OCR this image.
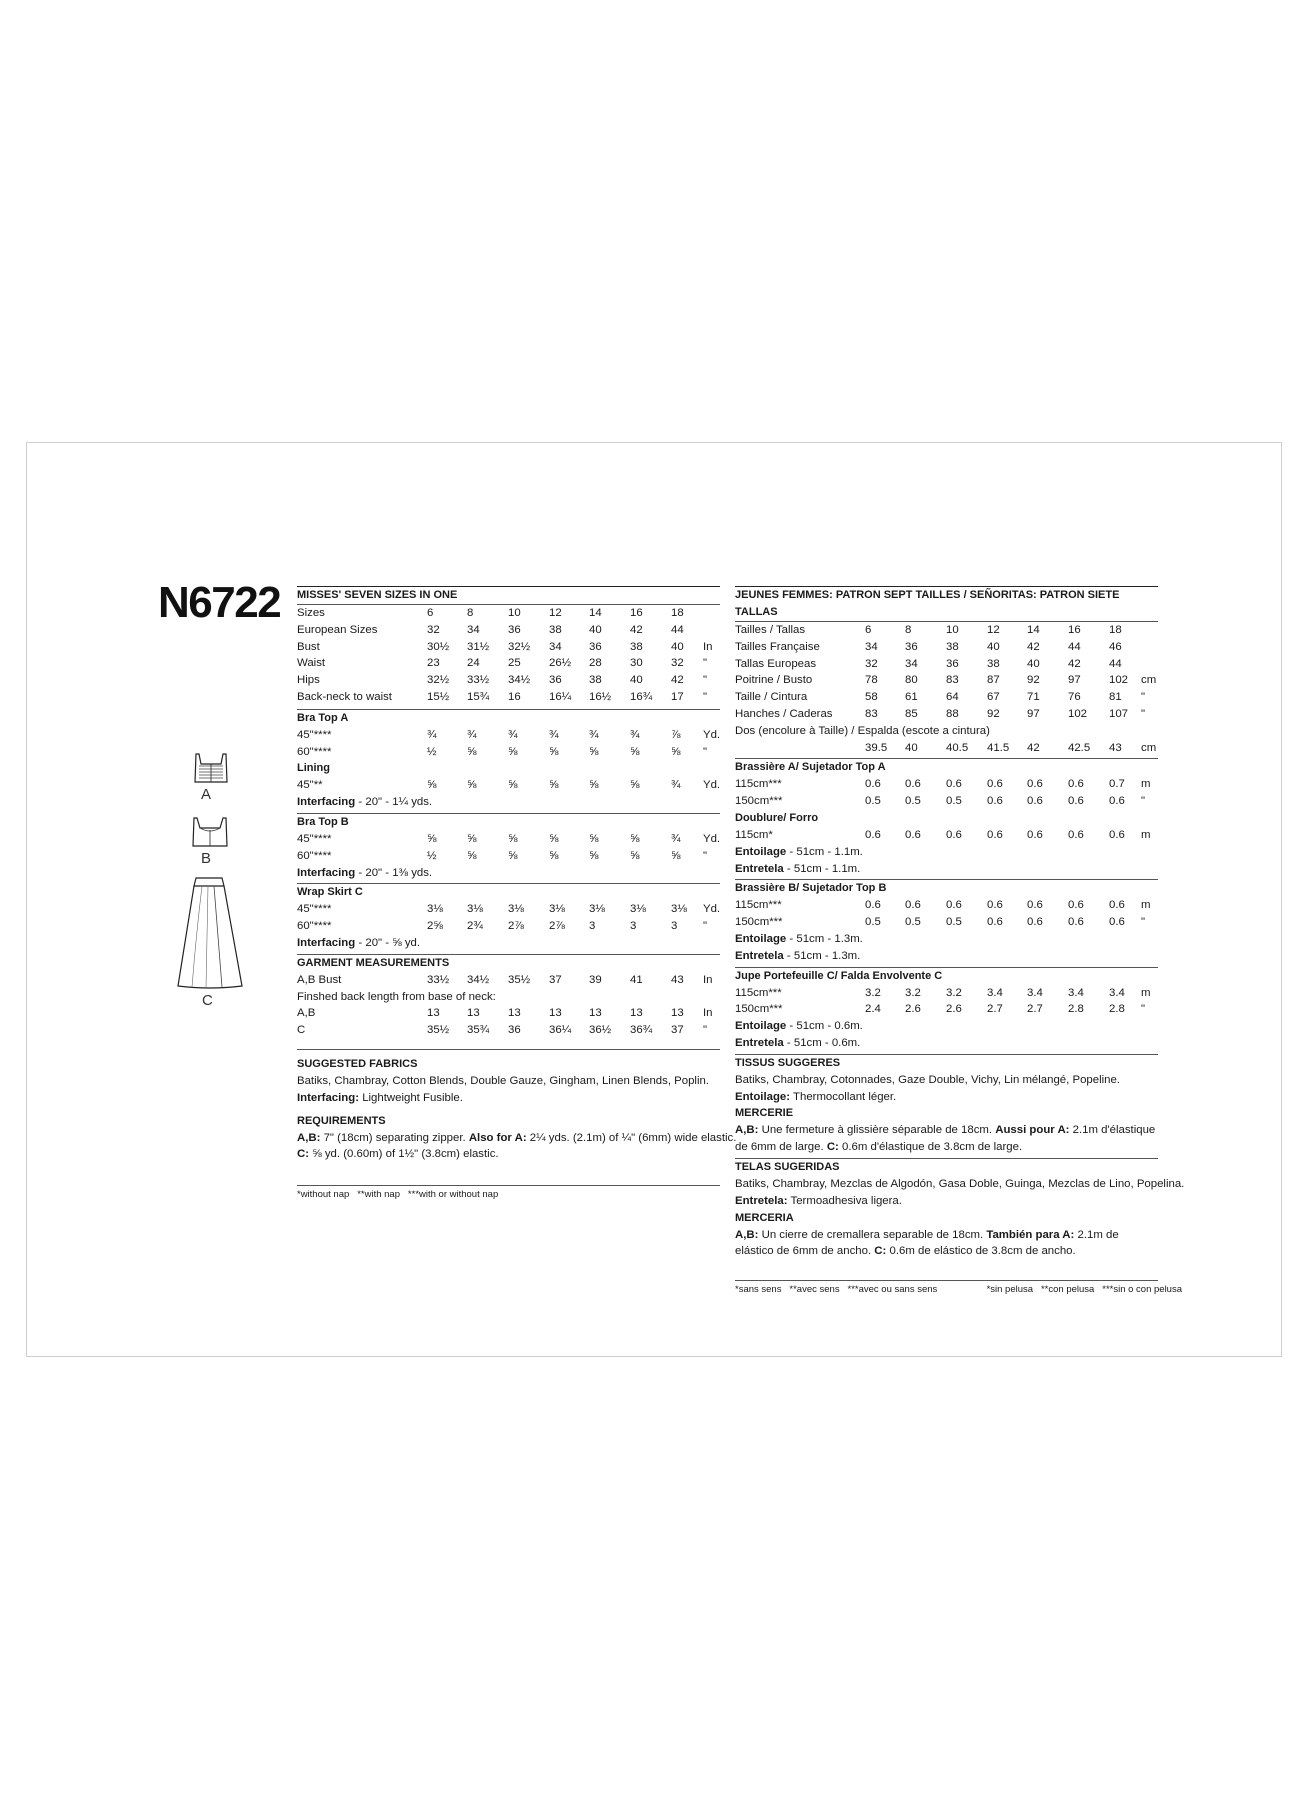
N6722
A
B
C
MISSES' SEVEN SIZES IN ONE
Sizes	6	8	10 12 14 16 18
European Sizes	32 34 36 38 40 42 44
Bust	30½ 31½ 32½ 34 36 38 40 In
Waist	23 24 25 26½ 28 30 32 "
Hips	32½ 33½ 34½ 36 38 40 42 "
Back-neck to waist	15½ 15¾ 16 16¼ 16½ 16¾ 17 "
Bra Top A
45"****	¾	¾	¾	¾	¾	¾	⅞ Yd.
60"****	½	⅝	⅝	⅝	⅝	⅝	⅝ "
Lining
45"**	⅝	⅝	⅝	⅝	⅝	⅝	¾ Yd.
Interfacing - 20" - 1¼ yds.
Bra Top B
45"****	⅝	⅝	⅝	⅝	⅝	⅝	¾ Yd.
60"****	½	⅝	⅝	⅝	⅝	⅝	⅝ "
Interfacing - 20" - 1⅜ yds.
Wrap Skirt C
45"****	3⅛ 3⅛ 3⅛ 3⅛ 3⅛ 3⅛ 3⅛ Yd.
60"****	2⅝ 2¾ 2⅞ 2⅞ 3	3	3 "
Interfacing - 20" - ⅝ yd.
GARMENT MEASUREMENTS
A,B Bust	33½ 34½ 35½ 37 39 41 43 In
Finshed back length from base of neck:
A,B	13 13 13 13 13 13 13 In
C	35½ 35¾ 36 36¼ 36½ 36¾ 37 "
SUGGESTED FABRICS
Batiks, Chambray, Cotton Blends, Double Gauze, Gingham, Linen Blends, Poplin.
Interfacing: Lightweight Fusible.
REQUIREMENTS
A,B: 7" (18cm) separating zipper. Also for A: 2¼ yds. (2.1m) of ¼" (6mm) wide elastic.
C: ⅝ yd. (0.60m) of 1½" (3.8cm) elastic.
*without nap **with nap ***with or without nap
JEUNES FEMMES: PATRON SEPT TAILLES / SEÑORITAS: PATRON SIETE TALLAS
Tailles / Tallas	6	8	10 12 14 16 18
Tailles Française	34 36 38 40 42 44 46
Tallas Europeas	32 34 36 38 40 42 44
Poitrine / Busto	78 80 83 87 92 97 102 cm
Taille / Cintura	58 61 64 67 71 76 81 "
Hanches / Caderas	83 85 88 92 97 102 107 "
Dos (encolure à Taille) / Espalda (escote a cintura)
39.5 40 40.5 41.5 42 42.5 43 cm
Brassière A/ Sujetador Top A
115cm***	0.6 0.6 0.6 0.6 0.6 0.6 0.7 m
150cm***	0.5 0.5 0.5 0.6 0.6 0.6 0.6 "
Doublure/ Forro
115cm*	0.6 0.6 0.6 0.6 0.6 0.6 0.6 m
Entoilage - 51cm - 1.1m.
Entretela - 51cm - 1.1m.
Brassière B/ Sujetador Top B
115cm***	0.6 0.6 0.6 0.6 0.6 0.6 0.6 m
150cm***	0.5 0.5 0.5 0.6 0.6 0.6 0.6 "
Entoilage - 51cm - 1.3m.
Entretela - 51cm - 1.3m.
Jupe Portefeuille C/ Falda Envolvente C
115cm***	3.2 3.2 3.2 3.4 3.4 3.4 3.4 m
150cm***	2.4 2.6 2.6 2.7 2.7 2.8 2.8 "
Entoilage - 51cm - 0.6m.
Entretela - 51cm - 0.6m.
TISSUS SUGGERES
Batiks, Chambray, Cotonnades, Gaze Double, Vichy, Lin mélangé, Popeline.
Entoilage: Thermocollant léger.
MERCERIE
A,B: Une fermeture à glissière séparable de 18cm. Aussi pour A: 2.1m d'élastique de 6mm de large. C: 0.6m d'élastique de 3.8cm de large.
TELAS SUGERIDAS
Batiks, Chambray, Mezclas de Algodón, Gasa Doble, Guinga, Mezclas de Lino, Popelina.
Entretela: Termoadhesiva ligera.
MERCERIA
A,B: Un cierre de cremallera separable de 18cm. También para A: 2.1m de elástico de 6mm de ancho. C: 0.6m de elástico de 3.8cm de ancho.
*sans sens **avec sens ***avec ou sans sens	*sin pelusa **con pelusa ***sin o con pelusa
